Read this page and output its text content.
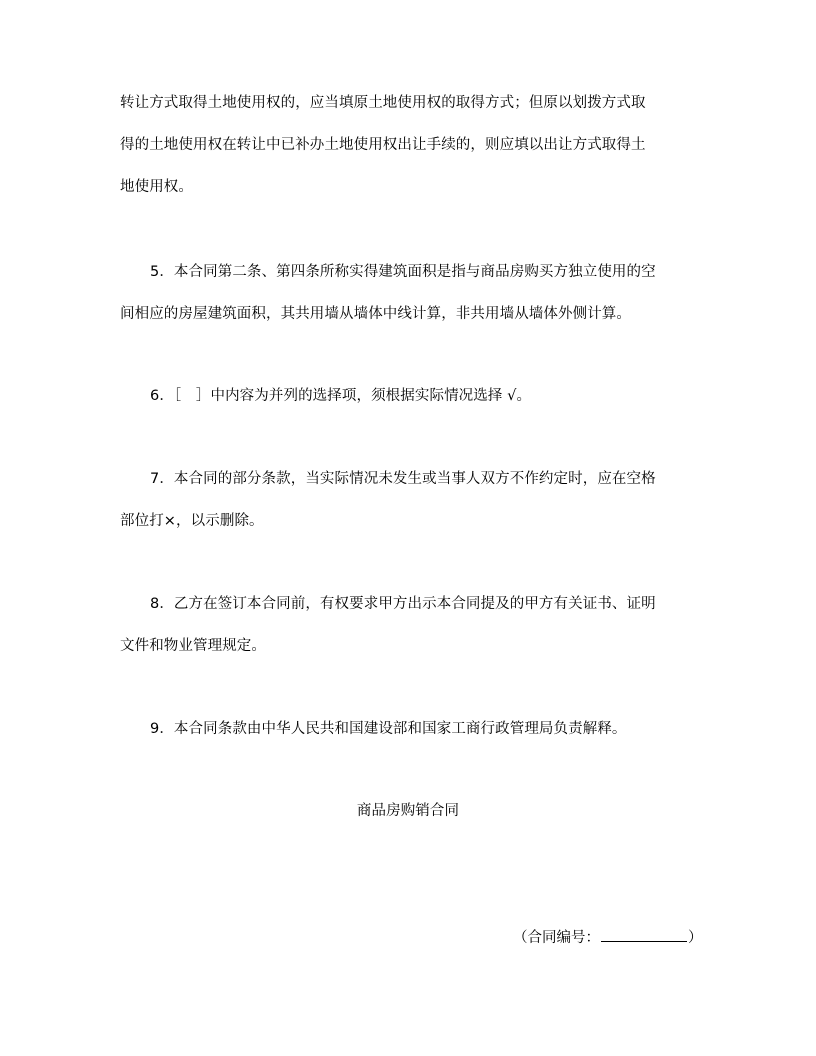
转让方式取得土地使用权的，应当填原土地使用权的取得方式；但原以划拨方式取
得的土地使用权在转让中已补办土地使用权出让手续的，则应填以出让方式取得土
地使用权。
5．本合同第二条、第四条所称实得建筑面积是指与商品房购买方独立使用的空
间相应的房屋建筑面积，其共用墙从墙体中线计算，非共用墙从墙体外侧计算。
6．［　］中内容为并列的选择项，须根据实际情况选择 √。
7．本合同的部分条款，当实际情况未发生或当事人双方不作约定时，应在空格
部位打×，以示删除。
8．乙方在签订本合同前，有权要求甲方出示本合同提及的甲方有关证书、证明
文件和物业管理规定。
9．本合同条款由中华人民共和国建设部和国家工商行政管理局负责解释。
商品房购销合同
（合同编号：	）
